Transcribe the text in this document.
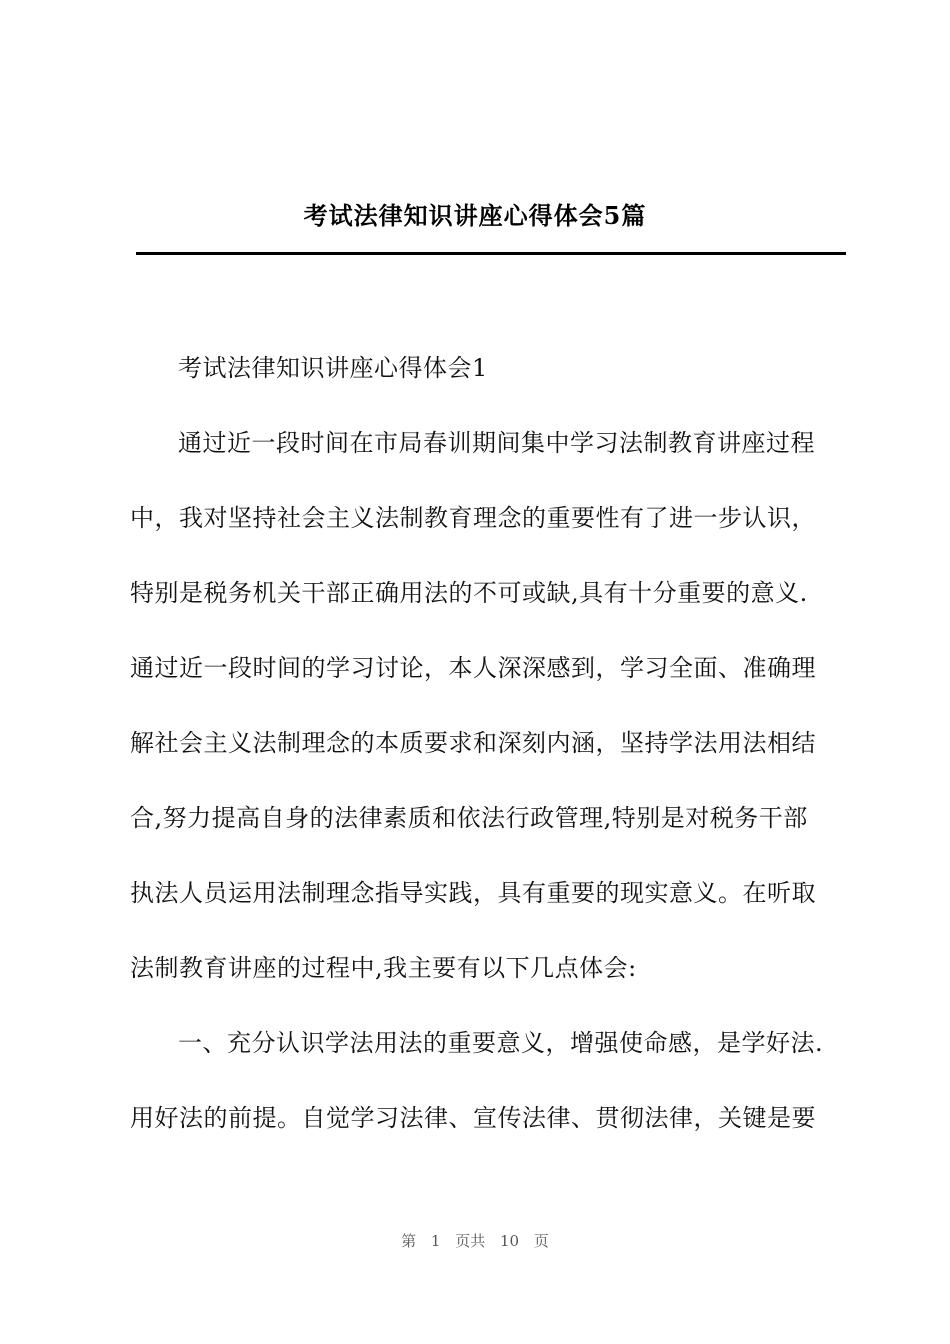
考试法律知识讲座心得体会5篇
考试法律知识讲座心得体会1
通过近一段时间在市局春训期间集中学习法制教育讲座过程
中，我对坚持社会主义法制教育理念的重要性有了进一步认识，
特别是税务机关干部正确用法的不可或缺,具有十分重要的意义.
通过近一段时间的学习讨论，本人深深感到，学习全面、准确理
解社会主义法制理念的本质要求和深刻内涵，坚持学法用法相结
合,努力提高自身的法律素质和依法行政管理,特别是对税务干部
执法人员运用法制理念指导实践，具有重要的现实意义。在听取
法制教育讲座的过程中,我主要有以下几点体会:
一、充分认识学法用法的重要意义，增强使命感，是学好法.
用好法的前提。自觉学习法律、宣传法律、贯彻法律，关键是要
第 1 页共 10 页
